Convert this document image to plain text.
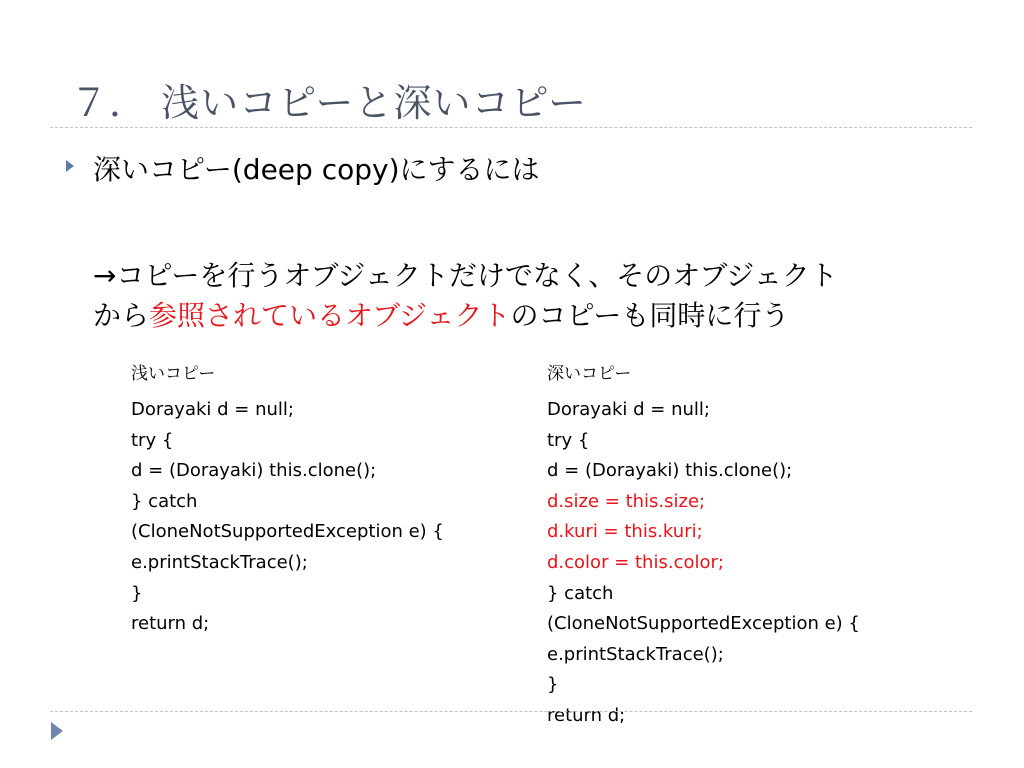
７． 浅いコピーと深いコピー
深いコピー(deep copy)にするには
→コピーを行うオブジェクトだけでなく、そのオブジェクト
から参照されているオブジェクトのコピーも同時に行う
浅いコピー	深いコピー
Dorayaki d = null;
try {
d = (Dorayaki) this.clone();
} catch
(CloneNotSupportedException e) {
e.printStackTrace();
}
return d;
Dorayaki d = null;
try {
d = (Dorayaki) this.clone();
d.size = this.size;
d.kuri = this.kuri;
d.color = this.color;
} catch
(CloneNotSupportedException e) {
e.printStackTrace();
}
return d;
